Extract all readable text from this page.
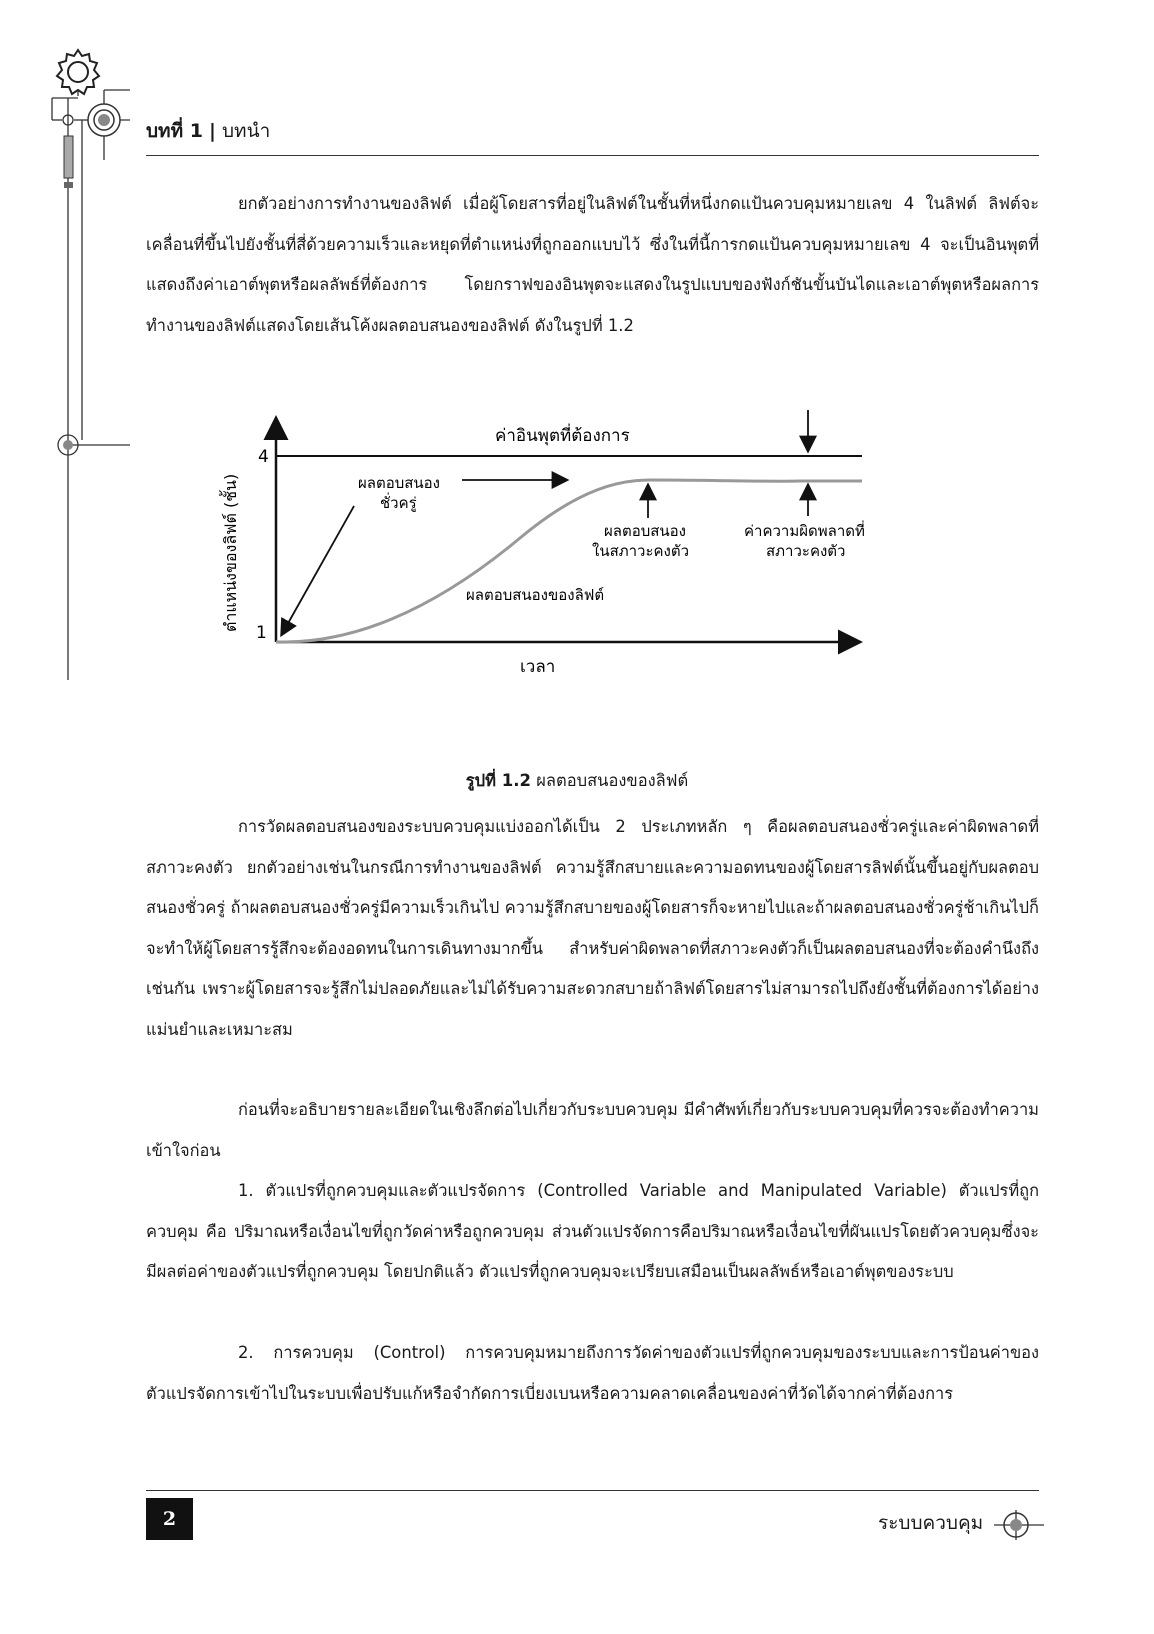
บทที่ 1 | บทนำ

ยกตัวอย่างการทำงานของลิฟต์ เมื่อผู้โดยสารที่อยู่ในลิฟต์ในชั้นที่หนึ่งกดแป้นควบคุมหมายเลข 4 ในลิฟต์ ลิฟต์จะเคลื่อนที่ขึ้นไปยังชั้นที่สี่ด้วยความเร็วและหยุดที่ตำแหน่งที่ถูกออกแบบไว้ ซึ่งในที่นี้การกดแป้นควบคุมหมายเลข 4 จะเป็นอินพุตที่แสดงถึงค่าเอาต์พุตหรือผลลัพธ์ที่ต้องการ โดยกราฟของอินพุตจะแสดงในรูปแบบของฟังก์ชันขั้นบันไดและเอาต์พุตหรือผลการทำงานของลิฟต์แสดงโดยเส้นโค้งผลตอบสนองของลิฟต์ ดังในรูปที่ 1.2

4
1
ตำแหน่งของลิฟต์ (ชั้น)
เวลา
ค่าอินพุตที่ต้องการ
ผลตอบสนอง
ชั่วครู่
ผลตอบสนอง
ในสภาวะคงตัว
ค่าความผิดพลาดที่
สภาวะคงตัว
ผลตอบสนองของลิฟต์
รูปที่ 1.2 ผลตอบสนองของลิฟต์

การวัดผลตอบสนองของระบบควบคุมแบ่งออกได้เป็น 2 ประเภทหลัก ๆ คือผลตอบสนองชั่วครู่และค่าผิดพลาดที่สภาวะคงตัว ยกตัวอย่างเช่นในกรณีการทำงานของลิฟต์ ความรู้สึกสบายและความอดทนของผู้โดยสารลิฟต์นั้นขึ้นอยู่กับผลตอบสนองชั่วครู่ ถ้าผลตอบสนองชั่วครู่มีความเร็วเกินไป ความรู้สึกสบายของผู้โดยสารก็จะหายไปและถ้าผลตอบสนองชั่วครู่ช้าเกินไปก็จะทำให้ผู้โดยสารรู้สึกจะต้องอดทนในการเดินทางมากขึ้น สำหรับค่าผิดพลาดที่สภาวะคงตัวก็เป็นผลตอบสนองที่จะต้องคำนึงถึงเช่นกัน เพราะผู้โดยสารจะรู้สึกไม่ปลอดภัยและไม่ได้รับความสะดวกสบายถ้าลิฟต์โดยสารไม่สามารถไปถึงยังชั้นที่ต้องการได้อย่างแม่นยำและเหมาะสม

ก่อนที่จะอธิบายรายละเอียดในเชิงลึกต่อไปเกี่ยวกับระบบควบคุม มีคำศัพท์เกี่ยวกับระบบควบคุมที่ควรจะต้องทำความเข้าใจก่อน

1. ตัวแปรที่ถูกควบคุมและตัวแปรจัดการ (Controlled Variable and Manipulated Variable) ตัวแปรที่ถูกควบคุม คือ ปริมาณหรือเงื่อนไขที่ถูกวัดค่าหรือถูกควบคุม ส่วนตัวแปรจัดการคือปริมาณหรือเงื่อนไขที่ผันแปรโดยตัวควบคุมซึ่งจะมีผลต่อค่าของตัวแปรที่ถูกควบคุม โดยปกติแล้ว ตัวแปรที่ถูกควบคุมจะเปรียบเสมือนเป็นผลลัพธ์หรือเอาต์พุตของระบบ

2. การควบคุม (Control) การควบคุมหมายถึงการวัดค่าของตัวแปรที่ถูกควบคุมของระบบและการป้อนค่าของตัวแปรจัดการเข้าไปในระบบเพื่อปรับแก้หรือจำกัดการเบี่ยงเบนหรือความคลาดเคลื่อนของค่าที่วัดได้จากค่าที่ต้องการ

2	ระบบควบคุม
